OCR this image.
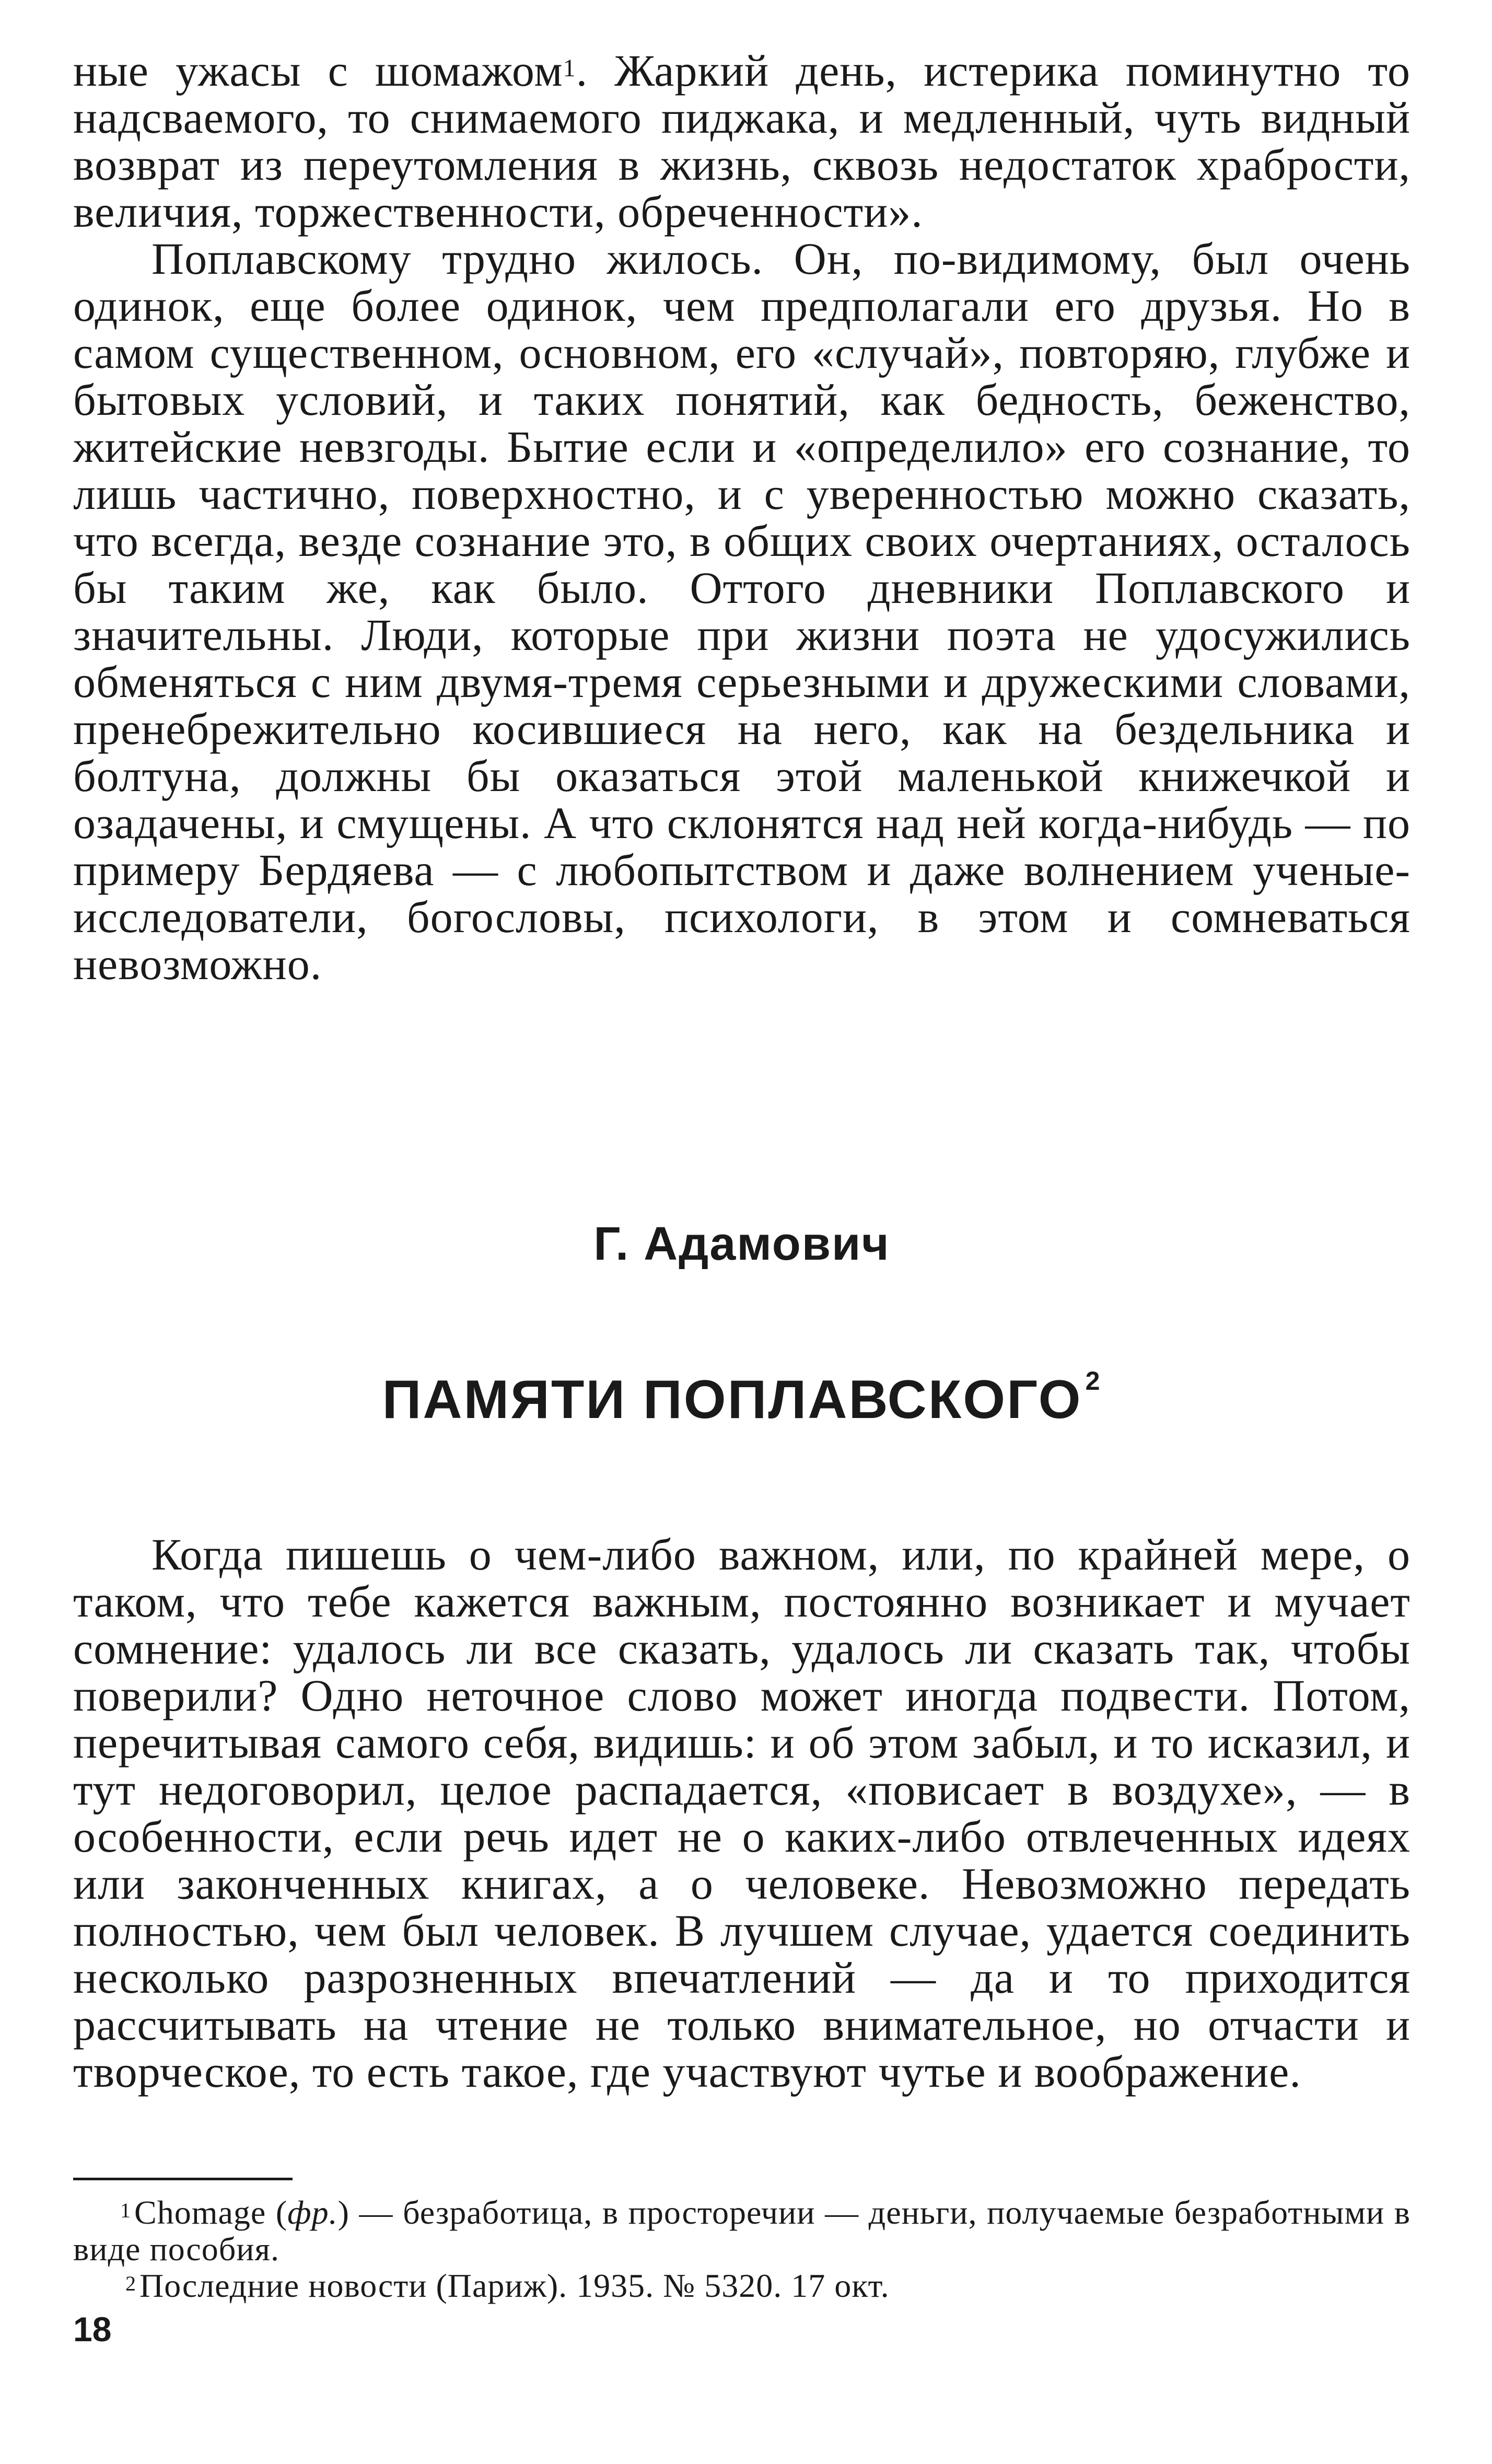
ные ужасы с шомажом$^1$. Жаркий день, истерика поминутно то надсваемого, то снимаемого пиджака, и медленный, чуть видный возврат из переутомления в жизнь, сквозь недостаток храбрости, величия, торжественности, обреченности».

Поплавскому трудно жилось. Он, по-видимому, был очень одинок, еще более одинок, чем предполагали его друзья. Но в самом существенном, основном, его «случай», повторяю, глубже и бытовых условий, и таких понятий, как бедность, беженство, житейские невзгоды. Бытие если и «определило» его сознание, то лишь частично, поверхностно, и с уверенностью можно сказать, что всегда, везде сознание это, в общих своих очертаниях, осталось бы таким же, как было. Оттого дневники Поплавского и значительны. Люди, которые при жизни поэта не удосужились обменяться с ним двумя-тремя серьезными и дружескими словами, пренебрежительно косившиеся на него, как на бездельника и болтуна, должны бы оказаться этой маленькой книжечкой и озадачены, и смущены. А что склонятся над ней когда-нибудь — по примеру Бердяева — с любопытством и даже волнением ученые-исследователи, богословы, психологи, в этом и сомневаться невозможно.

Г. Адамович
ПАМЯТИ ПОПЛАВСКОГО $^2$

Когда пишешь о чем-либо важном, или, по крайней мере, о таком, что тебе кажется важным, постоянно возникает и мучает сомнение: удалось ли все сказать, удалось ли сказать так, чтобы поверили? Одно неточное слово может иногда подвести. Потом, перечитывая самого себя, видишь: и об этом забыл, и то исказил, и тут недоговорил, целое распадается, «повисает в воздухе», — в особенности, если речь идет не о каких-либо отвлеченных идеях или законченных книгах, а о человеке. Невозможно передать полностью, чем был человек. В лучшем случае, удается соединить несколько разрозненных впечатлений — да и то приходится рассчитывать на чтение не только внимательное, но отчасти и творческое, то есть такое, где участвуют чутье и воображение.

$^1$Chomage (фр.) — безработица, в просторечии — деньги, получаемые безработными в виде пособия.

$^2$Последние новости (Париж). 1935. № 5320. 17 окт.

18
